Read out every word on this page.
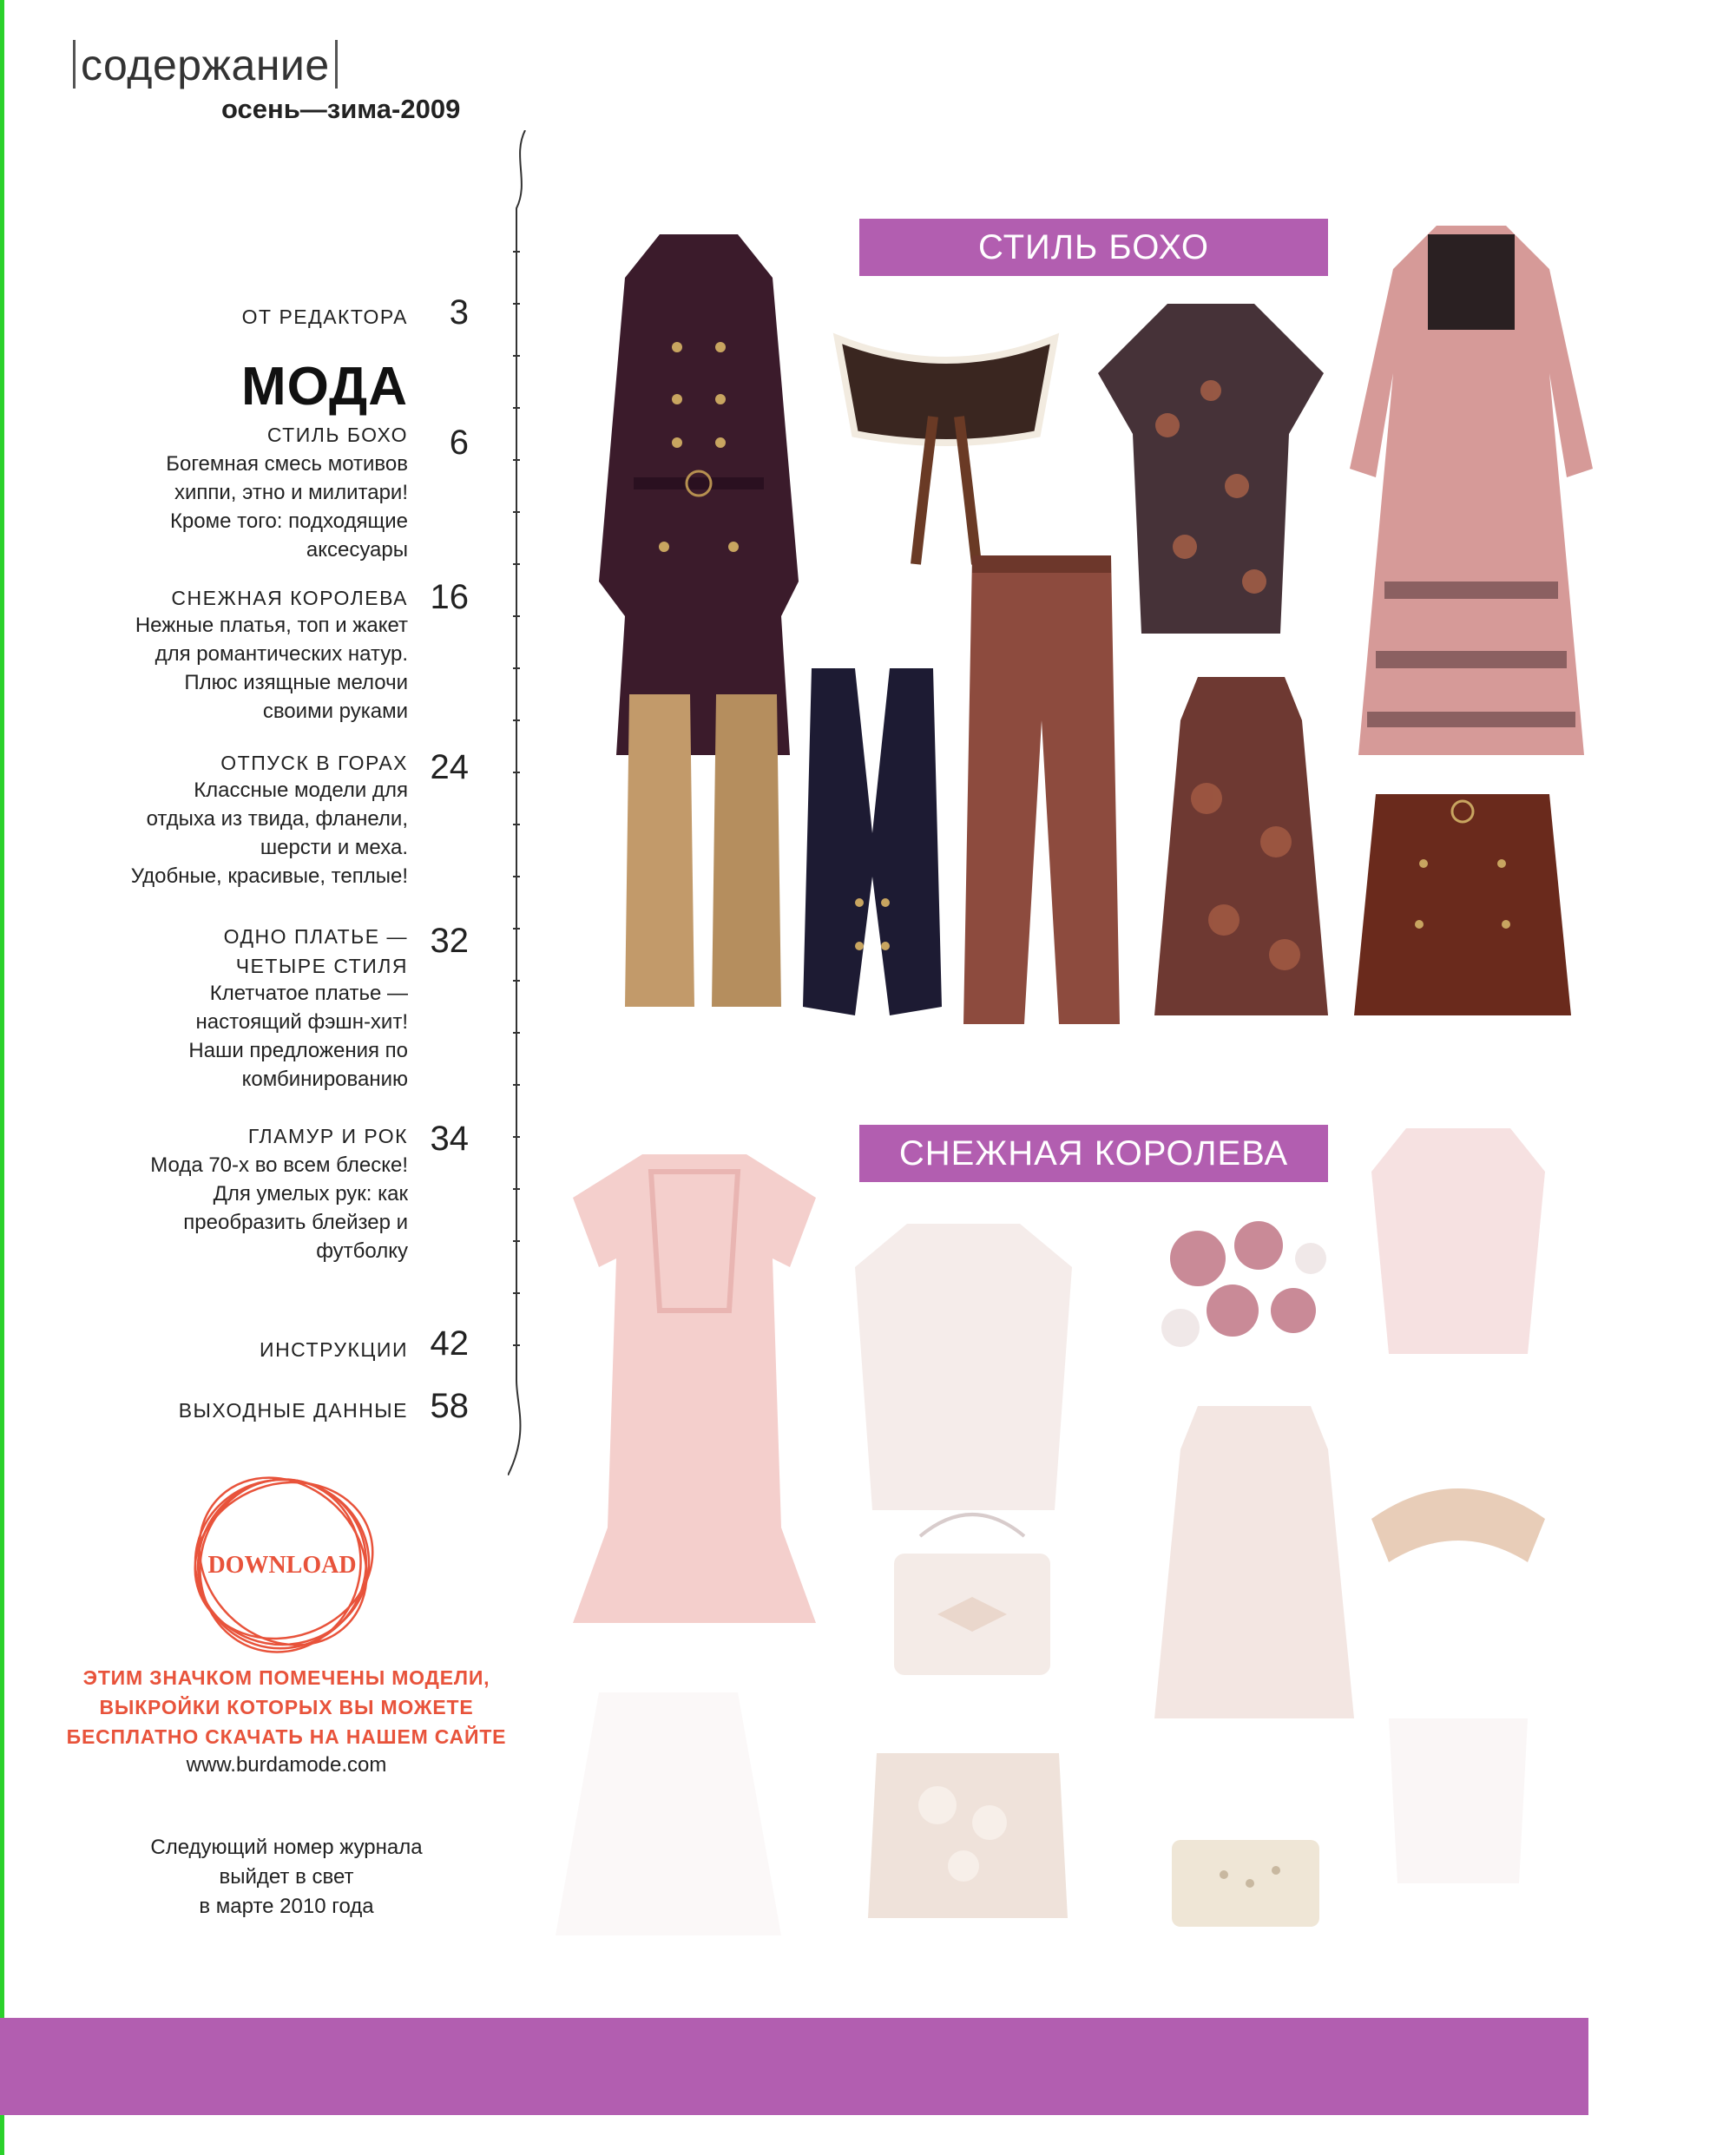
содержание
осень—зима-2009
ОТ РЕДАКТОРА	3
МОДА
СТИЛЬ БОХО	6
Богемная смесь мотивов
хиппи, этно и милитари!
Кроме того: подходящие
аксесуары
СНЕЖНАЯ КОРОЛЕВА 16
Нежные платья, топ и жакет
для романтических натур.
Плюс изящные мелочи
своими руками
ОТПУСК В ГОРАХ 24
Классные модели для
отдыха из твида, фланели,
шерсти и меха.
Удобные, красивые, теплые!
ОДНО ПЛАТЬЕ —
ЧЕТЫРЕ СТИЛЯ
32
Клетчатое платье —
настоящий фэшн-хит!
Наши предложения по
комбинированию
ГЛАМУР И РОК 34
Мода 70-х во всем блеске!
Для умелых рук: как
преобразить блейзер и
футболку
ИНСТРУКЦИИ 42
ВЫХОДНЫЕ ДАННЫЕ 58
DOWNLOAD
ЭТИМ ЗНАЧКОМ ПОМЕЧЕНЫ МОДЕЛИ,
ВЫКРОЙКИ КОТОРЫХ ВЫ МОЖЕТЕ
БЕСПЛАТНО СКАЧАТЬ НА НАШЕМ САЙТЕ
www.burdamode.com
Следующий номер журнала
выйдет в свет
в марте 2010 года
СТИЛЬ БОХО
СНЕЖНАЯ КОРОЛЕВА
